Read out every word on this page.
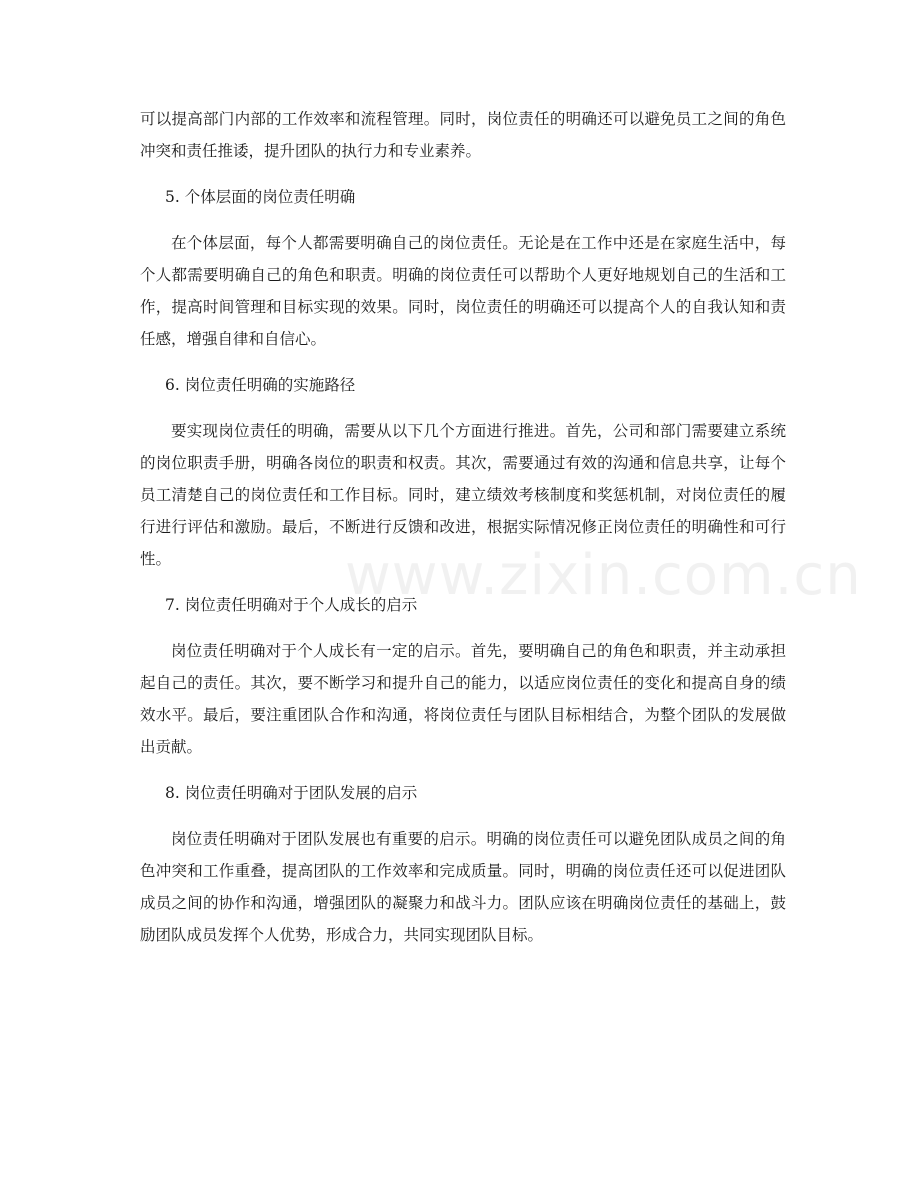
可以提高部门内部的工作效率和流程管理。同时，岗位责任的明确还可以避免员工之间的角色冲突和责任推诿，提升团队的执行力和专业素养。

5. 个体层面的岗位责任明确

在个体层面，每个人都需要明确自己的岗位责任。无论是在工作中还是在家庭生活中，每个人都需要明确自己的角色和职责。明确的岗位责任可以帮助个人更好地规划自己的生活和工作，提高时间管理和目标实现的效果。同时，岗位责任的明确还可以提高个人的自我认知和责任感，增强自律和自信心。

6. 岗位责任明确的实施路径

要实现岗位责任的明确，需要从以下几个方面进行推进。首先，公司和部门需要建立系统的岗位职责手册，明确各岗位的职责和权责。其次，需要通过有效的沟通和信息共享，让每个员工清楚自己的岗位责任和工作目标。同时，建立绩效考核制度和奖惩机制，对岗位责任的履行进行评估和激励。最后，不断进行反馈和改进，根据实际情况修正岗位责任的明确性和可行性。

7. 岗位责任明确对于个人成长的启示

岗位责任明确对于个人成长有一定的启示。首先，要明确自己的角色和职责，并主动承担起自己的责任。其次，要不断学习和提升自己的能力，以适应岗位责任的变化和提高自身的绩效水平。最后，要注重团队合作和沟通，将岗位责任与团队目标相结合，为整个团队的发展做出贡献。

8. 岗位责任明确对于团队发展的启示

岗位责任明确对于团队发展也有重要的启示。明确的岗位责任可以避免团队成员之间的角色冲突和工作重叠，提高团队的工作效率和完成质量。同时，明确的岗位责任还可以促进团队成员之间的协作和沟通，增强团队的凝聚力和战斗力。团队应该在明确岗位责任的基础上，鼓励团队成员发挥个人优势，形成合力，共同实现团队目标。

www.zixin.com.cn
